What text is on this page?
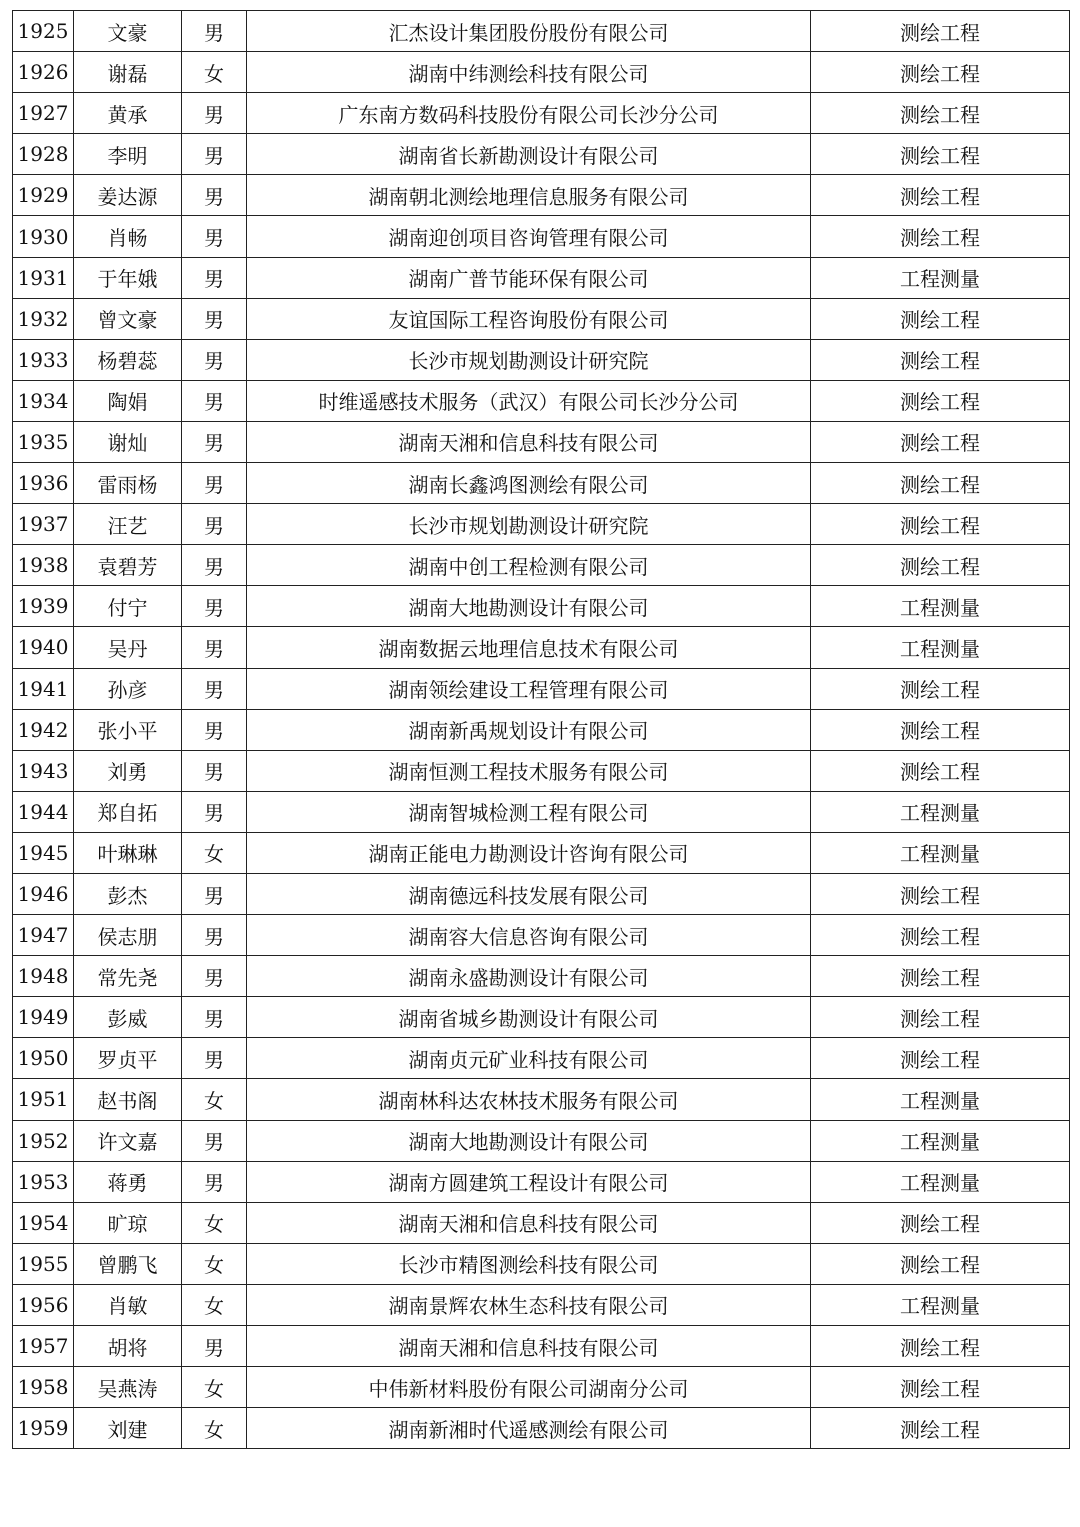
1925	文豪	男	汇杰设计集团股份股份有限公司	测绘工程
1926	谢磊	女	湖南中纬测绘科技有限公司	测绘工程
1927	黄承	男	广东南方数码科技股份有限公司长沙分公司	测绘工程
1928	李明	男	湖南省长新勘测设计有限公司	测绘工程
1929	姜达源	男	湖南朝北测绘地理信息服务有限公司	测绘工程
1930	肖畅	男	湖南迎创项目咨询管理有限公司	测绘工程
1931	于年娥	男	湖南广普节能环保有限公司	工程测量
1932	曾文豪	男	友谊国际工程咨询股份有限公司	测绘工程
1933	杨碧蕊	男	长沙市规划勘测设计研究院	测绘工程
1934	陶娟	男	时维遥感技术服务（武汉）有限公司长沙分公司	测绘工程
1935	谢灿	男	湖南天湘和信息科技有限公司	测绘工程
1936	雷雨杨	男	湖南长鑫鸿图测绘有限公司	测绘工程
1937	汪艺	男	长沙市规划勘测设计研究院	测绘工程
1938	袁碧芳	男	湖南中创工程检测有限公司	测绘工程
1939	付宁	男	湖南大地勘测设计有限公司	工程测量
1940	吴丹	男	湖南数据云地理信息技术有限公司	工程测量
1941	孙彦	男	湖南领绘建设工程管理有限公司	测绘工程
1942	张小平	男	湖南新禹规划设计有限公司	测绘工程
1943	刘勇	男	湖南恒测工程技术服务有限公司	测绘工程
1944	郑自拓	男	湖南智城检测工程有限公司	工程测量
1945	叶琳琳	女	湖南正能电力勘测设计咨询有限公司	工程测量
1946	彭杰	男	湖南德远科技发展有限公司	测绘工程
1947	侯志朋	男	湖南容大信息咨询有限公司	测绘工程
1948	常先尧	男	湖南永盛勘测设计有限公司	测绘工程
1949	彭威	男	湖南省城乡勘测设计有限公司	测绘工程
1950	罗贞平	男	湖南贞元矿业科技有限公司	测绘工程
1951	赵书阁	女	湖南林科达农林技术服务有限公司	工程测量
1952	许文嘉	男	湖南大地勘测设计有限公司	工程测量
1953	蒋勇	男	湖南方圆建筑工程设计有限公司	工程测量
1954	旷琼	女	湖南天湘和信息科技有限公司	测绘工程
1955	曾鹏飞	女	长沙市精图测绘科技有限公司	测绘工程
1956	肖敏	女	湖南景辉农林生态科技有限公司	工程测量
1957	胡将	男	湖南天湘和信息科技有限公司	测绘工程
1958	吴燕涛	女	中伟新材料股份有限公司湖南分公司	测绘工程
1959	刘建	女	湖南新湘时代遥感测绘有限公司	测绘工程
